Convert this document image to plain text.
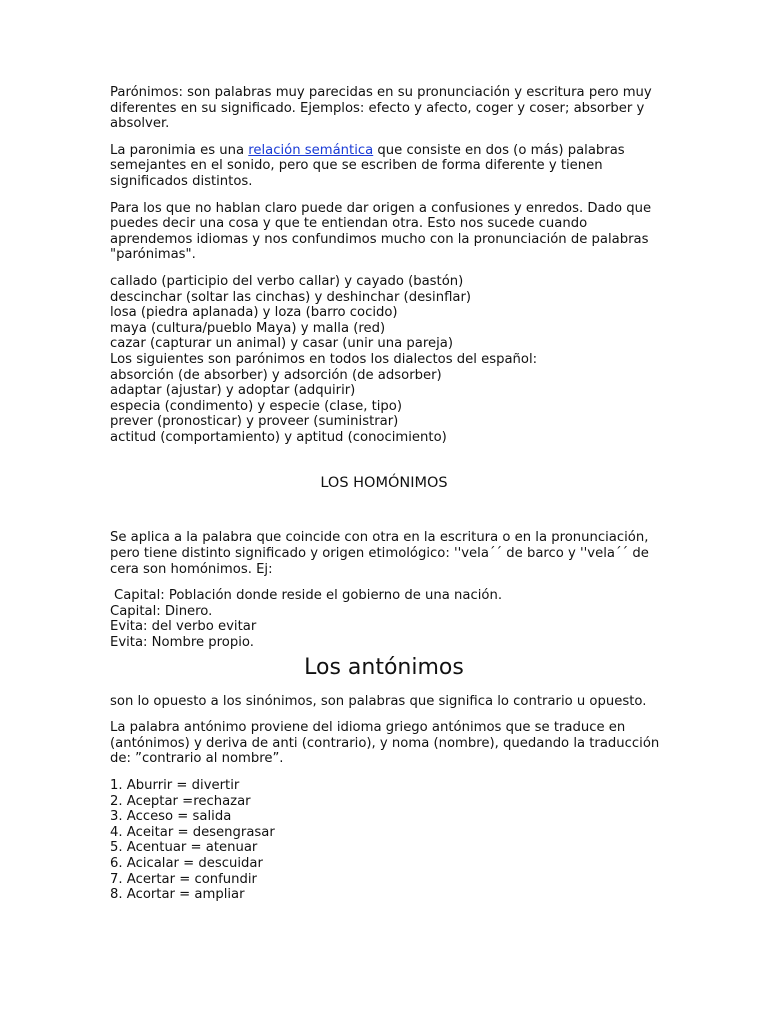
Parónimos: son palabras muy parecidas en su pronunciación y escritura pero muy diferentes en su significado. Ejemplos: efecto y afecto, coger y coser; absorber y absolver.

La paronimia es una relación semántica que consiste en dos (o más) palabras semejantes en el sonido, pero que se escriben de forma diferente y tienen significados distintos.

Para los que no hablan claro puede dar origen a confusiones y enredos. Dado que puedes decir una cosa y que te entiendan otra. Esto nos sucede cuando aprendemos idiomas y nos confundimos mucho con la pronunciación de palabras "parónimas".

callado (participio del verbo callar) y cayado (bastón)
descinchar (soltar las cinchas) y deshinchar (desinflar)
losa (piedra aplanada) y loza (barro cocido)
maya (cultura/pueblo Maya) y malla (red)
cazar (capturar un animal) y casar (unir una pareja)
Los siguientes son parónimos en todos los dialectos del español:
absorción (de absorber) y adsorción (de adsorber)
adaptar (ajustar) y adoptar (adquirir)
especia (condimento) y especie (clase, tipo)
prever (pronosticar) y proveer (suministrar)
actitud (comportamiento) y aptitud (conocimiento)
LOS HOMÓNIMOS

Se aplica a la palabra que coincide con otra en la escritura o en la pronunciación, pero tiene distinto significado y origen etimológico: ''vela´´ de barco y ''vela´´ de cera son homónimos. Ej:

Capital: Población donde reside el gobierno de una nación.
Capital: Dinero.
Evita: del verbo evitar
Evita: Nombre propio.
Los antónimos

son lo opuesto a los sinónimos, son palabras que significa lo contrario u opuesto.

La palabra antónimo proviene del idioma griego antónimos que se traduce en (antónimos) y deriva de anti (contrario), y noma (nombre), quedando la traducción de: ”contrario al nombre”.

1. Aburrir = divertir
2. Aceptar =rechazar
3. Acceso = salida
4. Aceitar = desengrasar
5. Acentuar = atenuar
6. Acicalar = descuidar
7. Acertar = confundir
8. Acortar = ampliar
